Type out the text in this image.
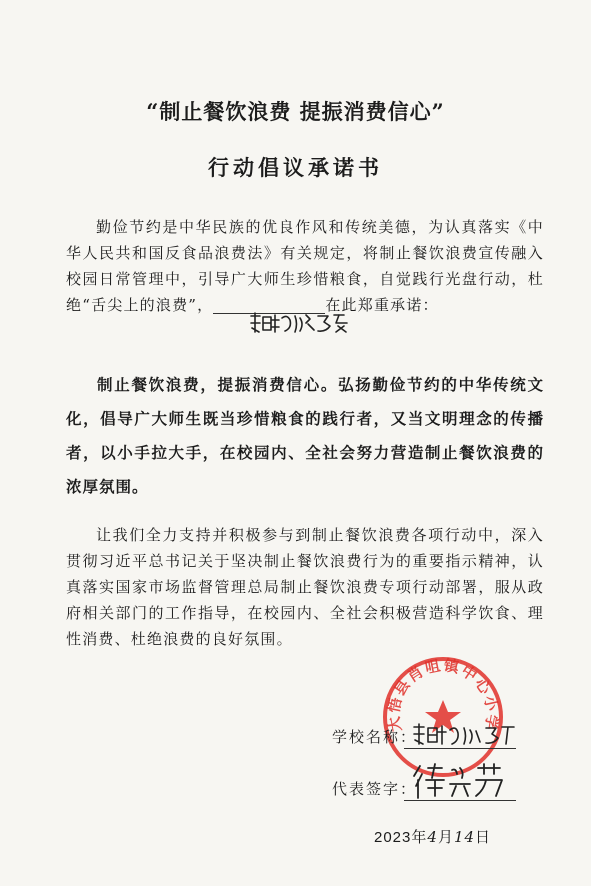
“制止餐饮浪费 提振消费信心”
行动倡议承诺书
勤俭节约是中华民族的优良作风和传统美德，为认真落实《中华人民共和国反食品浪费法》有关规定，将制止餐饮浪费宣传融入校园日常管理中，引导广大师生珍惜粮食，自觉践行光盘行动，杜绝“舌尖上的浪费”，	在此郑重承诺：
制止餐饮浪费，提振消费信心。弘扬勤俭节约的中华传统文化，倡导广大师生既当珍惜粮食的践行者，又当文明理念的传播者，以小手拉大手，在校园内、全社会努力营造制止餐饮浪费的浓厚氛围。
让我们全力支持并积极参与到制止餐饮浪费各项行动中，深入贯彻习近平总书记关于坚决制止餐饮浪费行为的重要指示精神，认真落实国家市场监督管理总局制止餐饮浪费专项行动部署，服从政府相关部门的工作指导，在校园内、全社会积极营造科学饮食、理性消费、杜绝浪费的良好氛围。
大悟县肖咀镇中心小学
学校名称：
代表签字：
2023年4月14日
